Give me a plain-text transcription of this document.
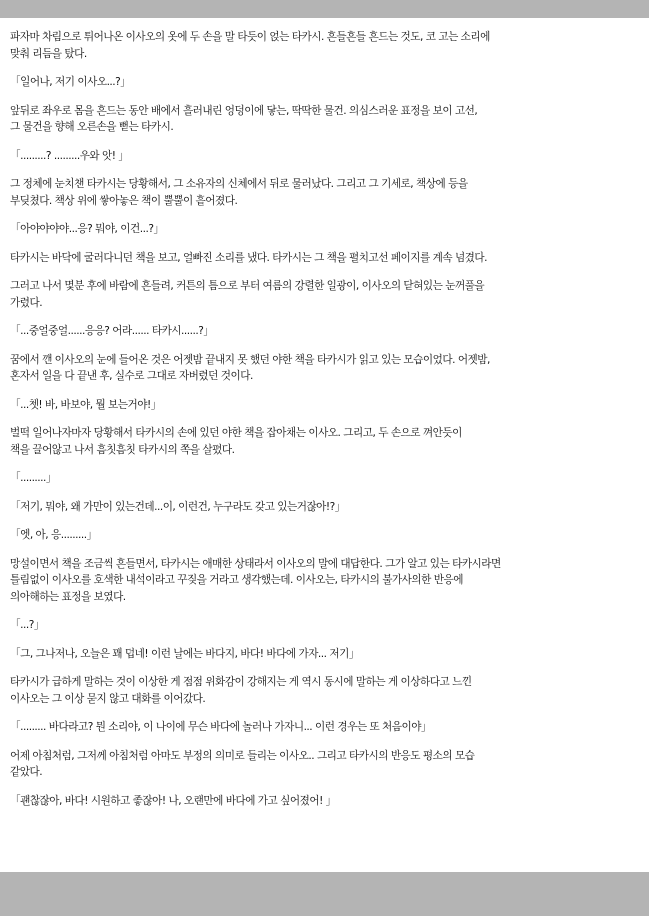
파자마 차림으로 튀어나온 이사오의 옷에 두 손을 말 타듯이 얹는 타카시. 흔들흔들 흔드는 것도, 코 고는 소리에

맞춰 리듬을 탔다.

「일어나, 저기 이사오...?」

앞뒤로 좌우로 몸을 흔드는 동안 배에서 흘러내린 엉덩이에 닿는, 딱딱한 물건. 의심스러운 표정을 보이 고선,

그 물건을 향해 오른손을 뻗는 타카시.

「.........? .........우와 앗! 」

그 정체에 눈치챈 타카시는 당황해서, 그 소유자의 신체에서 뒤로 물러났다. 그리고 그 기세로, 책상에 등을

부딪쳤다. 책상 위에 쌓아놓은 책이 뿔뿔이 흩어졌다.

「아야야야야...응? 뭐야, 이건...?」

타카시는 바닥에 굴러다니던 책을 보고, 얼빠진 소리를 냈다. 타카시는 그 책을 펼치고선 페이지를 계속 넘겼다.

그러고 나서 몇분 후에 바람에 흔들려, 커튼의 틈으로 부터 여름의 강렬한 일광이, 이사오의 닫혀있는 눈꺼풀을

가렸다.

「...중얼중얼......응응? 어라...... 타카시......?」

꿈에서 깬 이사오의 눈에 들어온 것은 어젯밤 끝내지 못 했던 야한 책을 타카시가 읽고 있는 모습이었다. 어젯밤,

혼자서 일을 다 끝낸 후, 실수로 그대로 자버렸던 것이다.

「...쳇! 바, 바보야, 뭘 보는거야!」

벌떡 일어나자마자 당황해서 타카시의 손에 있던 야한 책을 잡아채는 이사오. 그리고, 두 손으로 껴안듯이

책을 끌어않고 나서 흠칫흠칫 타카시의 쪽을 살폈다.

「.........」

「저기, 뭐야, 왜 가만이 있는건데...이, 이런건, 누구라도 갖고 있는거잖아!?」

「엣, 아, 응.........」

망설이면서 책을 조금씩 흔들면서, 타카시는 애매한 상태라서 이사오의 말에 대답한다. 그가 알고 있는 타카시라면

틀림없이 이사오를 호색한 내석이라고 꾸짖을 거라고 생각했는데. 이사오는, 타카시의 불가사의한 반응에

의아해하는 표정을 보였다.

「...?」

「그, 그나저나, 오늘은 꽤 덥네! 이런 날에는 바다지, 바다! 바다에 가자... 저기」

타카시가 급하게 말하는 것이 이상한 게 점점 위화감이 강해지는 게 역시 동시에 말하는 게 이상하다고 느낀

이사오는 그 이상 묻지 않고 대화를 이어갔다.

「......... 바다라고? 뭔 소리야, 이 나이에 무슨 바다에 놀러나 가자니... 이런 경우는 또 처음이야」

어제 아침처럼, 그저께 아침처럼 아마도 부정의 의미로 들리는 이사오.. 그리고 타카시의 반응도 평소의 모습

같았다.

「괜찮잖아, 바다! 시원하고 좋잖아! 나, 오랜만에 바다에 가고 싶어졌어! 」
